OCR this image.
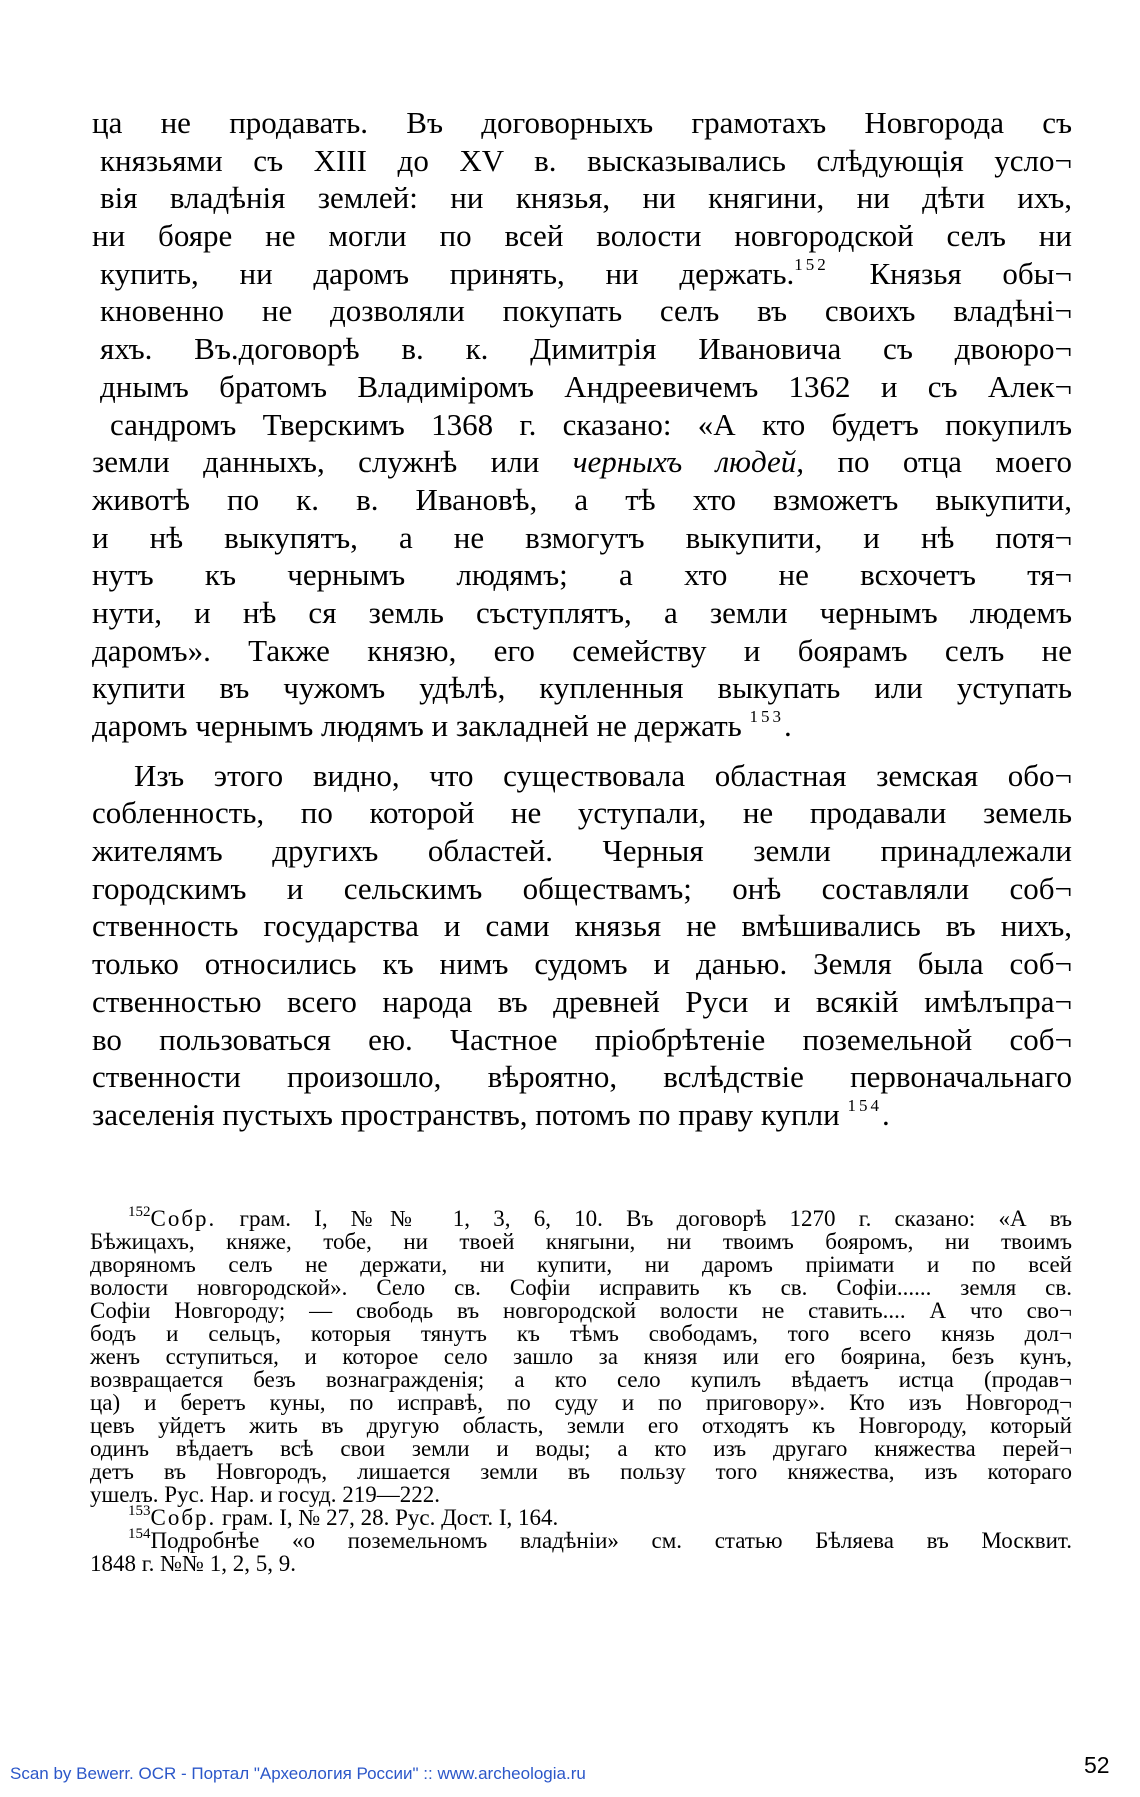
ца не продавать. Въ договорныхъ грамотахъ Новгорода съ
князьями съ XIII до XV в. высказывались слѣдующія усло¬
вія владѣнія землей: ни князья, ни княгини, ни дѣти ихъ,
ни бояре не могли по всей волости новгородской селъ ни
купить, ни даромъ принять, ни держать.$^{152}$ Князья обы¬
кновенно не дозволяли покупать селъ въ своихъ владѣні¬
яхъ. Въ.договорѣ в. к. Димитрія Ивановича съ двоюро¬
днымъ братомъ Владиміромъ Андреевичемъ 1362 и съ Алек¬
сандромъ Тверскимъ 1368 г. сказано: «А кто будетъ покупилъ
земли данныхъ, служнѣ или черныхъ людей, по отца моего
животѣ по к. в. Ивановѣ, а тѣ хто взможетъ выкупити,
и нѣ выкупятъ, а не взмогутъ выкупити, и нѣ потя¬
нутъ къ чернымъ людямъ; а хто не всхочетъ тя¬
нути, и нѣ ся земль съступлятъ, а земли чернымъ людемъ
даромъ». Также князю, его семейству и боярамъ селъ не
купити въ чужомъ удѣлѣ, купленныя выкупать или уступать
даромъ чернымъ людямъ и закладней не держать $^{153}$.
Изъ этого видно, что существовала областная земская обо¬
собленность, по которой не уступали, не продавали земель
жителямъ другихъ областей. Черныя земли принадлежали
городскимъ и сельскимъ обществамъ; онѣ составляли соб¬
ственность государства и сами князья не вмѣшивались въ нихъ,
только относились къ нимъ судомъ и данью. Земля была соб¬
ственностью всего народа въ древней Руси и всякій имѣлъпра¬
во пользоваться ею. Частное пріобрѣтеніе поземельной соб¬
ственности произошло, вѣроятно, вслѣдствіе первоначальнаго
заселенія пустыхъ пространствъ, потомъ по праву купли $^{154}$.
$^{152}$Собр. грам. I, №№ 1, 3, 6, 10. Въ договорѣ 1270 г. сказано: «А въ
Бѣжицахъ, княже, тобе, ни твоей княгыни, ни твоимъ бояромъ, ни твоимъ
дворяномъ селъ не держати, ни купити, ни даромъ пріимати и по всей
волости новгородской». Село св. Софіи исправить къ св. Софіи...... земля св.
Софіи Новгороду; — свободь въ новгородской волости не ставить.... А что сво¬
бодъ и сельцъ, которыя тянутъ къ тѣмъ свободамъ, того всего князь дол¬
женъ сступиться, и которое село зашло за князя или его боярина, безъ кунъ,
возвращается безъ вознагражденія; а кто село купилъ вѣдаетъ истца (продав¬
ца) и беретъ куны, по исправѣ, по суду и по приговору». Кто изъ Новгород¬
цевъ уйдетъ жить въ другую область, земли его отходятъ къ Новгороду, который
одинъ вѣдаетъ всѣ свои земли и воды; а кто изъ другаго княжества перей¬
детъ въ Новгородъ, лишается земли въ пользу того княжества, изъ котораго
ушелъ. Рус. Нар. и госуд. 219—222.
$^{153}$Собр. грам. I, № 27, 28. Рус. Дост. I, 164.
$^{154}$Подробнѣе «о поземельномъ владѣніи» см. статью Бѣляева въ Москвит.
1848 г. №№ 1, 2, 5, 9.
Scan by Bewerr. OCR - Портал "Археология России" :: www.archeologia.ru	52
